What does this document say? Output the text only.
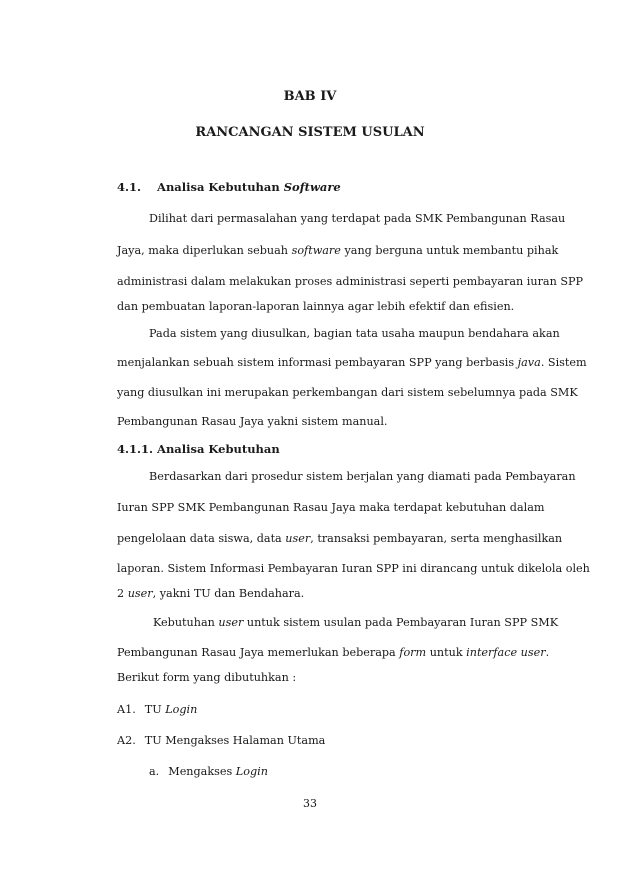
BAB IV
RANCANGAN SISTEM USULAN
4.1. Analisa Kebutuhan Software
Dilihat dari permasalahan yang terdapat pada SMK Pembangunan Rasau
Jaya, maka diperlukan sebuah software yang berguna untuk membantu pihak
administrasi dalam melakukan proses administrasi seperti pembayaran iuran SPP
dan pembuatan laporan-laporan lainnya agar lebih efektif dan efisien.
Pada sistem yang diusulkan, bagian tata usaha maupun bendahara akan
menjalankan sebuah sistem informasi pembayaran SPP yang berbasis java. Sistem
yang diusulkan ini merupakan perkembangan dari sistem sebelumnya pada SMK
Pembangunan Rasau Jaya yakni sistem manual.
4.1.1. Analisa Kebutuhan
Berdasarkan dari prosedur sistem berjalan yang diamati pada Pembayaran
Iuran SPP SMK Pembangunan Rasau Jaya maka terdapat kebutuhan dalam
pengelolaan data siswa, data user, transaksi pembayaran, serta menghasilkan
laporan. Sistem Informasi Pembayaran Iuran SPP ini dirancang untuk dikelola oleh
2 user, yakni TU dan Bendahara.
Kebutuhan user untuk sistem usulan pada Pembayaran Iuran SPP SMK
Pembangunan Rasau Jaya memerlukan beberapa form untuk interface user.
Berikut form yang dibutuhkan :
A1. TU Login
A2. TU Mengakses Halaman Utama
a. Mengakses Login
33
